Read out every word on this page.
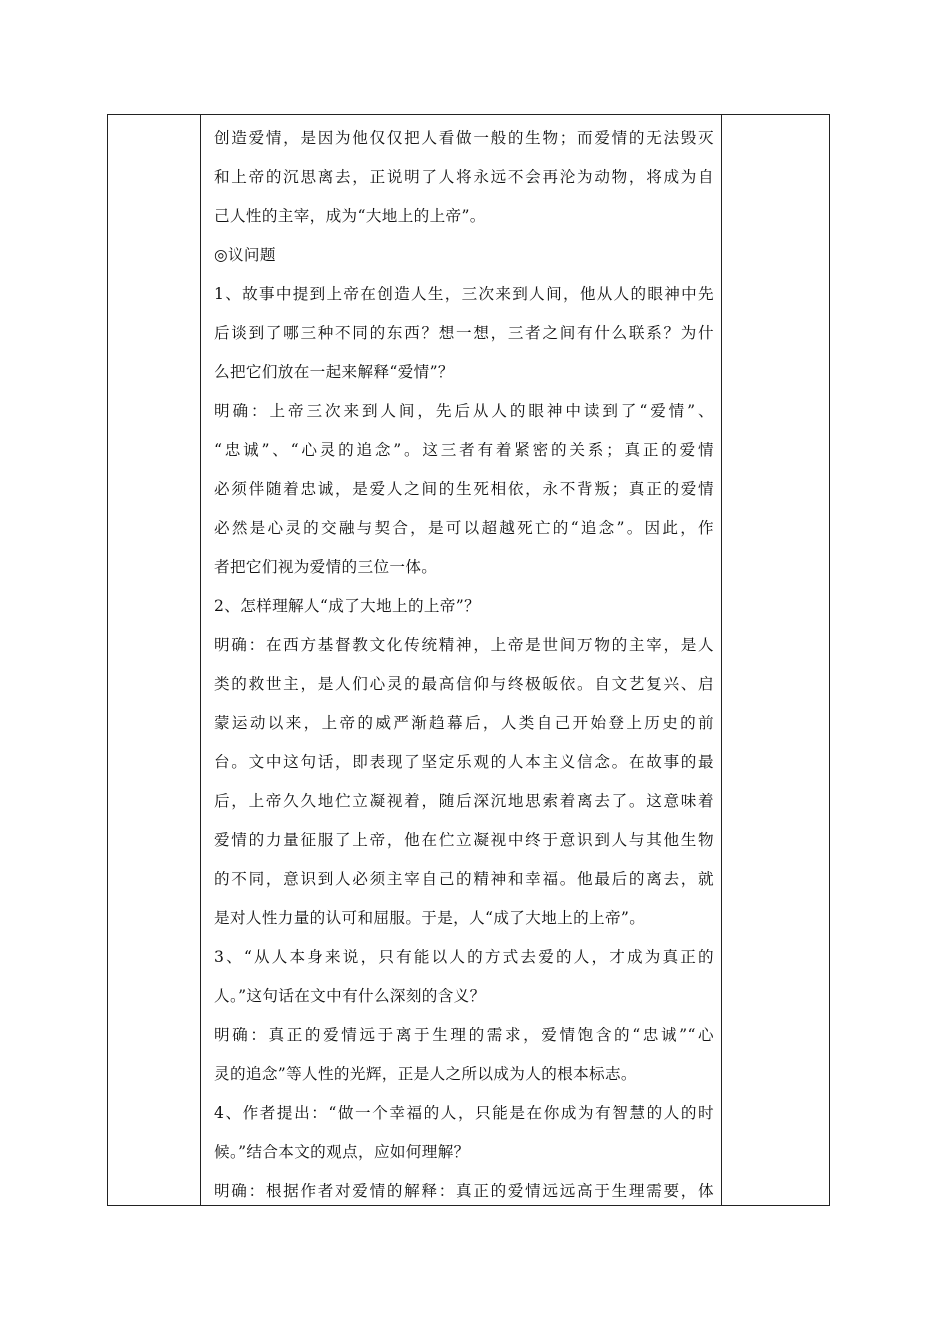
创造爱情，是因为他仅仅把人看做一般的生物；而爱情的无法毁灭
和上帝的沉思离去，正说明了人将永远不会再沦为动物，将成为自
己人性的主宰，成为“大地上的上帝”。
◎议问题
1、故事中提到上帝在创造人生，三次来到人间，他从人的眼神中先
后谈到了哪三种不同的东西？想一想，三者之间有什么联系？为什
么把它们放在一起来解释“爱情”？
明确：上帝三次来到人间，先后从人的眼神中读到了“爱情”、
“忠诚”、“心灵的追念”。这三者有着紧密的关系；真正的爱情
必须伴随着忠诚，是爱人之间的生死相依，永不背叛；真正的爱情
必然是心灵的交融与契合，是可以超越死亡的“追念”。因此，作
者把它们视为爱情的三位一体。
2、怎样理解人“成了大地上的上帝”？
明确：在西方基督教文化传统精神，上帝是世间万物的主宰，是人
类的救世主，是人们心灵的最高信仰与终极皈依。自文艺复兴、启
蒙运动以来，上帝的威严渐趋幕后，人类自己开始登上历史的前
台。文中这句话，即表现了坚定乐观的人本主义信念。在故事的最
后，上帝久久地伫立凝视着，随后深沉地思索着离去了。这意味着
爱情的力量征服了上帝，他在伫立凝视中终于意识到人与其他生物
的不同，意识到人必须主宰自己的精神和幸福。他最后的离去，就
是对人性力量的认可和屈服。于是，人“成了大地上的上帝”。
3、“从人本身来说，只有能以人的方式去爱的人，才成为真正的
人。”这句话在文中有什么深刻的含义？
明确：真正的爱情远于离于生理的需求，爱情饱含的“忠诚”“心
灵的追念”等人性的光辉，正是人之所以成为人的根本标志。
4、作者提出：“做一个幸福的人，只能是在你成为有智慧的人的时
候。”结合本文的观点，应如何理解？
明确：根据作者对爱情的解释：真正的爱情远远高于生理需要，体
